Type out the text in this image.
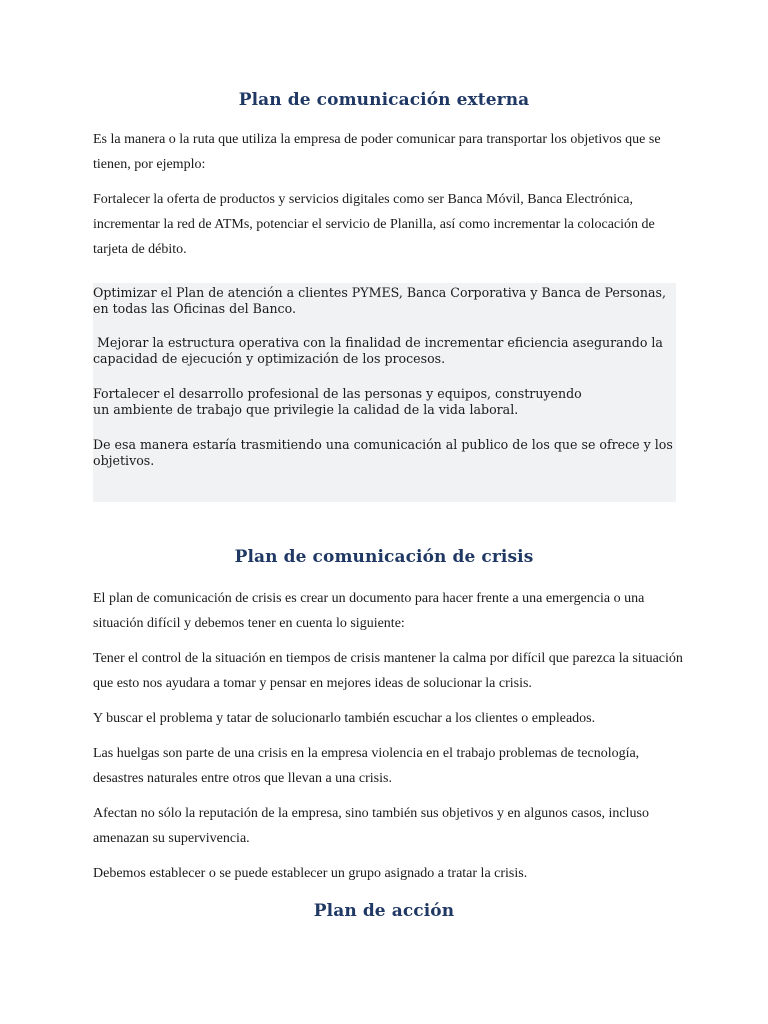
Plan de comunicación externa

Es la manera o la ruta que utiliza la empresa de poder comunicar para transportar los objetivos que se tienen, por ejemplo:

Fortalecer la oferta de productos y servicios digitales como ser Banca Móvil, Banca Electrónica, incrementar la red de ATMs, potenciar el servicio de Planilla, así como incrementar la colocación de tarjeta de débito.

Optimizar el Plan de atención a clientes PYMES, Banca Corporativa y Banca de Personas, en todas las Oficinas del Banco.

Mejorar la estructura operativa con la finalidad de incrementar eficiencia asegurando la capacidad de ejecución y optimización de los procesos.

Fortalecer el desarrollo profesional de las personas y equipos, construyendo un ambiente de trabajo que privilegie la calidad de la vida laboral.

De esa manera estaría trasmitiendo una comunicación al publico de los que se ofrece y los objetivos.

Plan de comunicación de crisis

El plan de comunicación de crisis es crear un documento para hacer frente a una emergencia o una situación difícil y debemos tener en cuenta lo siguiente:

Tener el control de la situación en tiempos de crisis mantener la calma por difícil que parezca la situación que esto nos ayudara a tomar y pensar en mejores ideas de solucionar la crisis.

Y buscar el problema y tatar de solucionarlo también escuchar a los clientes o empleados.

Las huelgas son parte de una crisis en la empresa violencia en el trabajo problemas de tecnología, desastres naturales entre otros que llevan a una crisis.

Afectan no sólo la reputación de la empresa, sino también sus objetivos y en algunos casos, incluso amenazan su supervivencia.

Debemos establecer o se puede establecer un grupo asignado a tratar la crisis.

Plan de acción
